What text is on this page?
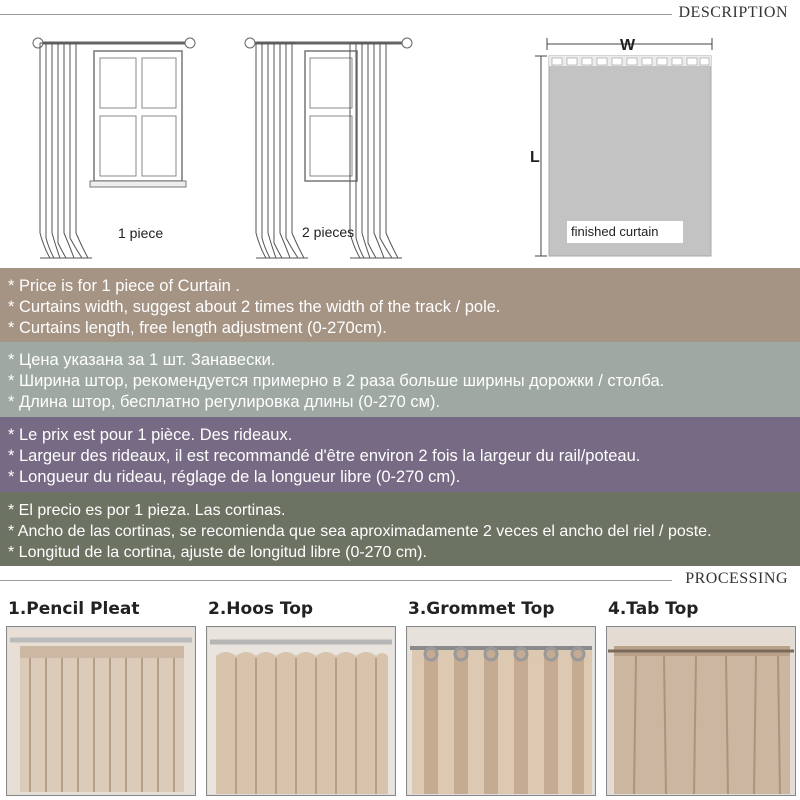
DESCRIPTION
1 piece	2 pieces
W
L
finished curtain
* Price is for 1 piece of Curtain .
* Curtains width, suggest about 2 times the width of the track / pole.
* Curtains length, free length adjustment (0-270cm).
* Цена указана за 1 шт. Занавески.
* Ширина штор, рекомендуется примерно в 2 раза больше ширины дорожки / столба.
* Длина штор, бесплатно регулировка длины (0-270 см).
* Le prix est pour 1 pièce. Des rideaux.
* Largeur des rideaux, il est recommandé d'être environ 2 fois la largeur du rail/poteau.
* Longueur du rideau, réglage de la longueur libre (0-270 cm).
* El precio es por 1 pieza. Las cortinas.
* Ancho de las cortinas, se recomienda que sea aproximadamente 2 veces el ancho del riel / poste.
* Longitud de la cortina, ajuste de longitud libre (0-270 cm).
PROCESSING
1.Pencil Pleat	2.Hoos Top	3.Grommet Top	4.Tab Top
